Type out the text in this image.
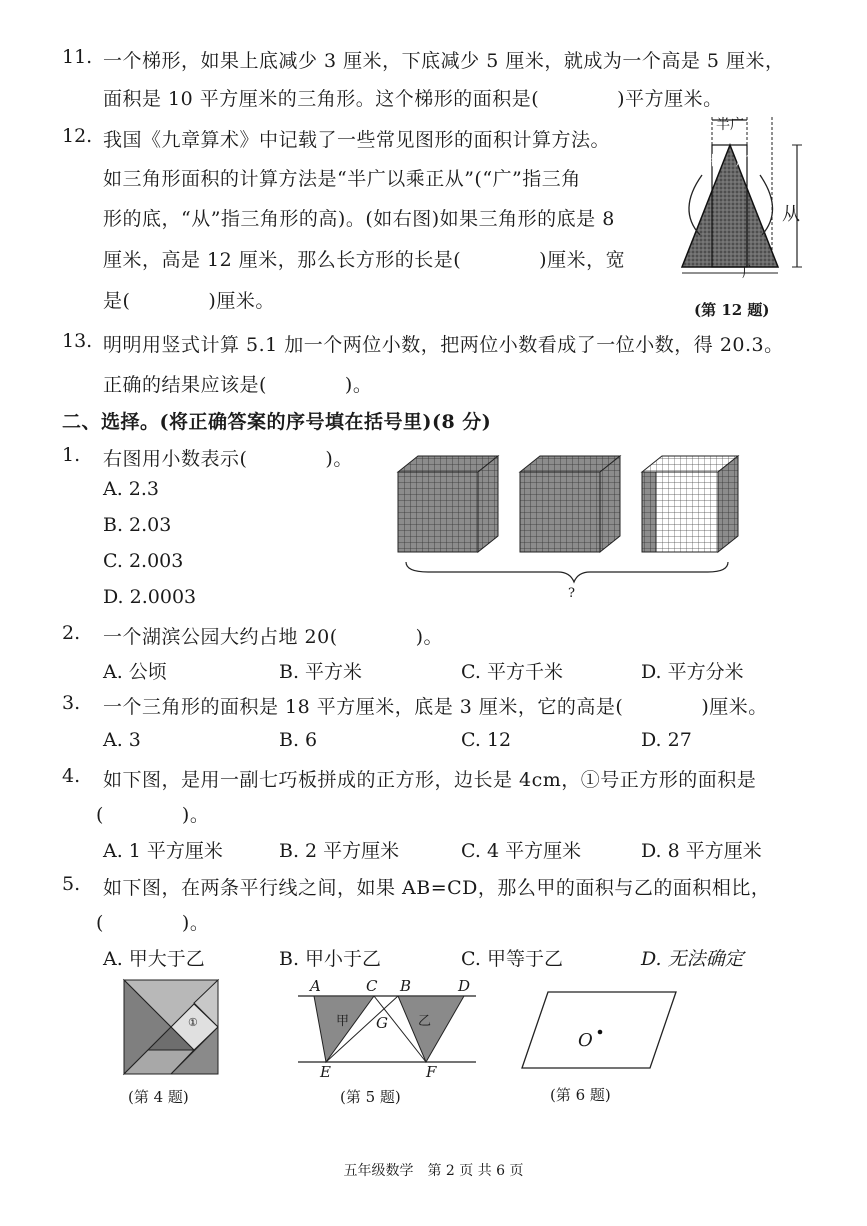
11. 一个梯形，如果上底减少 3 厘米，下底减少 5 厘米，就成为一个高是 5 厘米，
面积是 10 平方厘米的三角形。这个梯形的面积是(　　　　)平方厘米。
12. 我国《九章算术》中记载了一些常见图形的面积计算方法。
如三角形面积的计算方法是“半广以乘正从”(“广”指三角
形的底，“从”指三角形的高)。(如右图)如果三角形的底是 8
厘米，高是 12 厘米，那么长方形的长是(　　　　)厘米，宽
是(　　　　)厘米。
半广
半 广
从
广
(第 12 题)
13. 明明用竖式计算 5.1 加一个两位小数，把两位小数看成了一位小数，得 20.3。
正确的结果应该是(　　　　)。
二、选择。(将正确答案的序号填在括号里)(8 分)
1. 右图用小数表示(　　　　)。
A. 2.3
B. 2.03
C. 2.003
D. 2.0003	?
2. 一个湖滨公园大约占地 20(　　　　)。
A. 公顷	B. 平方米	C. 平方千米	D. 平方分米
3. 一个三角形的面积是 18 平方厘米，底是 3 厘米，它的高是(　　　　)厘米。
A. 3	B. 6	C. 12	D. 27
4. 如下图，是用一副七巧板拼成的正方形，边长是 4cm，①号正方形的面积是
(　　　　)。
A. 1 平方厘米	B. 2 平方厘米	C. 4 平方厘米	D. 8 平方厘米
5. 如下图，在两条平行线之间，如果 AB=CD，那么甲的面积与乙的面积相比，
(　　　　)。
A. 甲大于乙	B. 甲小于乙	C. 甲等于乙	D. 无法确定
①
(第 4 题)
A	C B	D
G
甲	乙
E	F
(第 5 题)
O
(第 6 题)
五年级数学　第 2 页 共 6 页
